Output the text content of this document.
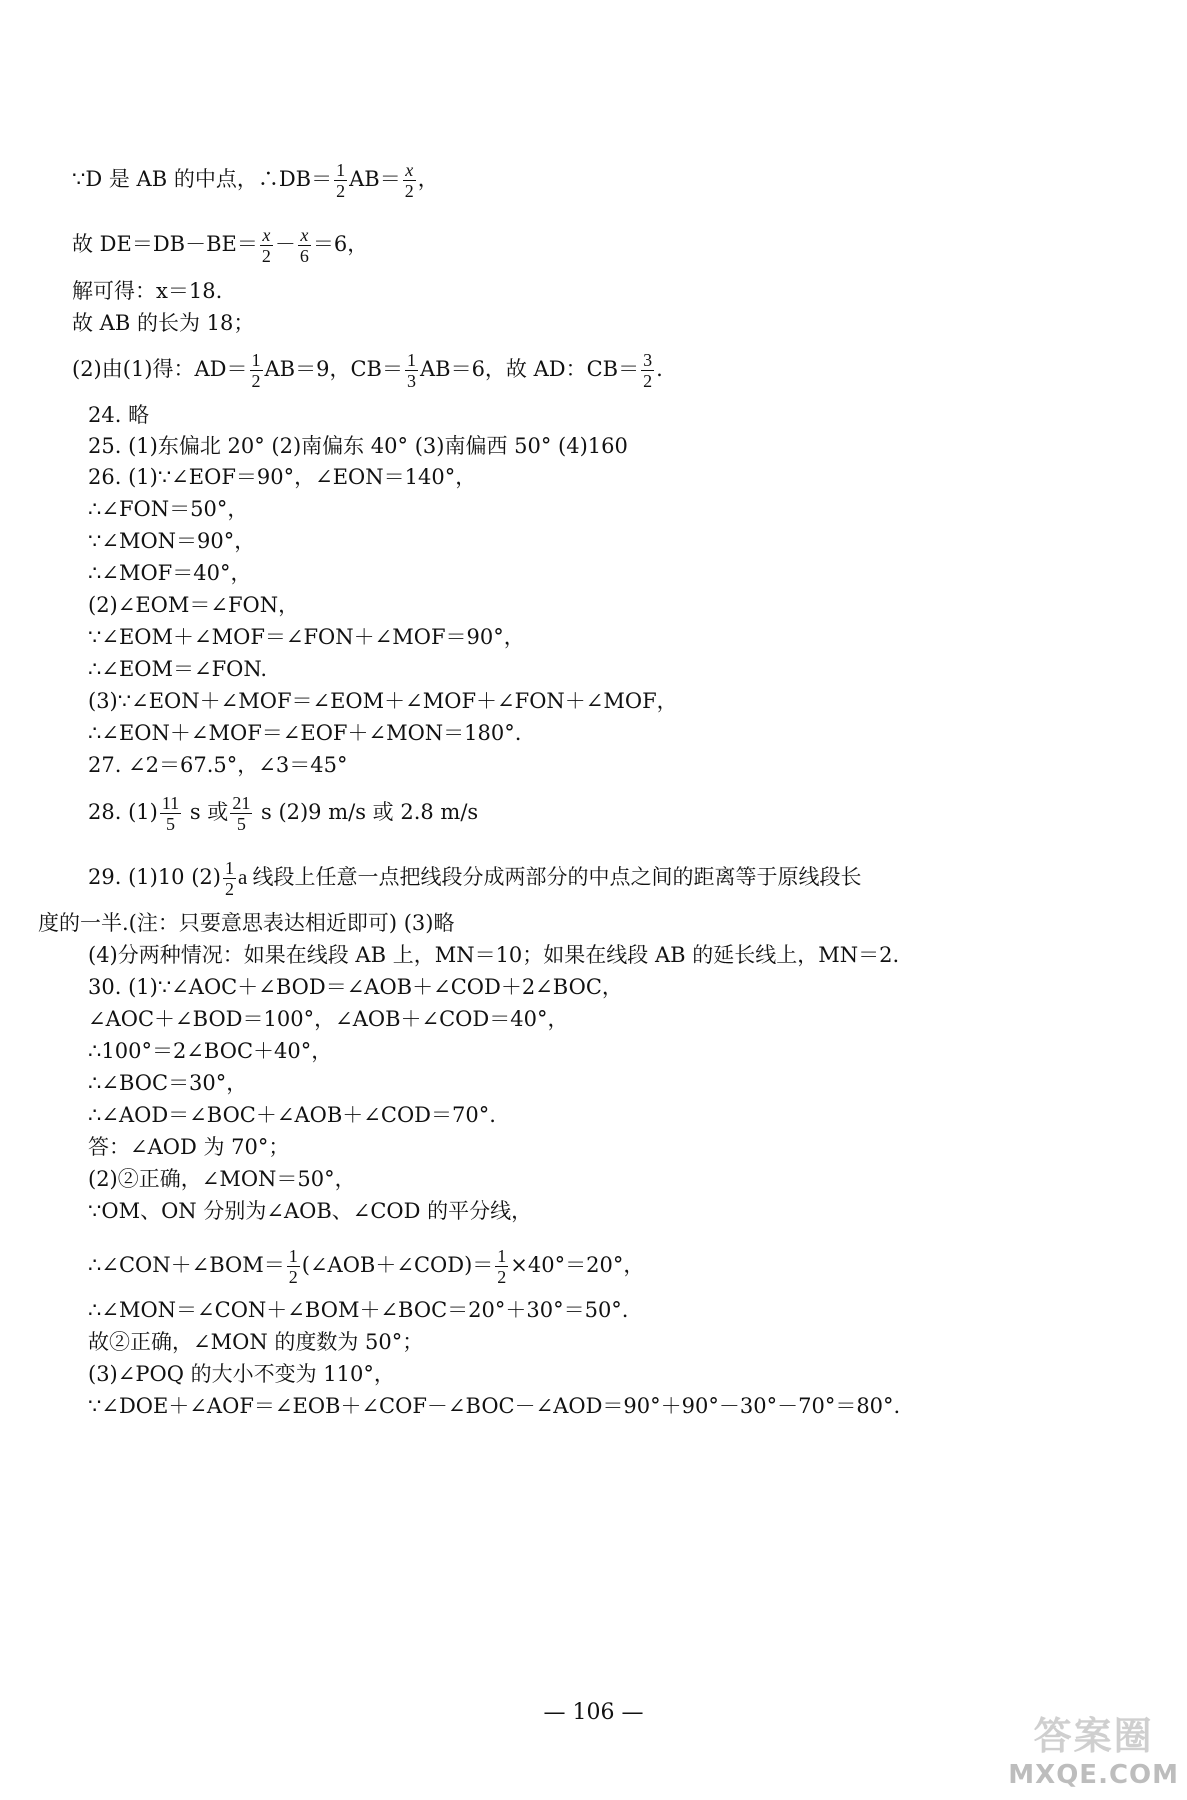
∵D 是 AB 的中点，∴DB＝ $\frac{1}{2} AB= \frac{x}{2}$ ，
故 $DE=DB-BE= \frac{x}{2} - \frac{x}{6} =6$，
解可得：x＝18.
故 AB 的长为 18；
(2)由(1)得：$AD= \frac{1}{2} AB=9$，$CB= \frac{1}{3} AB=6$，故 AD：$CB= \frac{3}{2}$ .
24. 略
25. (1)东偏北 20° (2)南偏东 40° (3)南偏西 50° (4)160
26. (1)∵∠EOF＝90°，∠EON＝140°，
∴∠FON＝50°，
∵∠MON＝90°，
∴∠MOF＝40°，
(2)∠EOM＝∠FON，
∵∠EOM＋∠MOF＝∠FON＋∠MOF＝90°，
∴∠EOM＝∠FON.
(3)∵∠EON＋∠MOF＝∠EOM＋∠MOF＋∠FON＋∠MOF，
∴∠EON＋∠MOF＝∠EOF＋∠MON＝180°.
27. ∠2＝67.5°，∠3＝45°
28. $(1) \frac{11}{5}$ s 或 $\frac{21}{5}$ s (2)9 m/s 或 2.8 m/s
29. (1)10 $(2) \frac{1}{2}$ a 线段上任意一点把线段分成两部分的中点之间的距离等于原线段长
度的一半.(注：只要意思表达相近即可) (3)略
(4)分两种情况：如果在线段 AB 上，MN＝10；如果在线段 AB 的延长线上，MN＝2.
30. (1)∵∠AOC＋∠BOD＝∠AOB＋∠COD＋2∠BOC，
∠AOC＋∠BOD＝100°，∠AOB＋∠COD＝40°，
∴100°＝2∠BOC＋40°，
∴∠BOC＝30°，
∴∠AOD＝∠BOC＋∠AOB＋∠COD＝70°.
答：∠AOD 为 70°；
(2)②正确，∠MON＝50°，
∵OM、ON 分别为∠AOB、∠COD 的平分线，
∴∠CON＋∠BOM＝ $\frac{1}{2}$ (∠AOB＋∠COD)＝ $\frac{1}{2} \times 40^\circ=20^\circ$，
∴∠MON＝∠CON＋∠BOM＋∠BOC＝20°＋30°＝50°.
故②正确，∠MON 的度数为 50°；
(3)∠POQ 的大小不变为 110°，
∵∠DOE＋∠AOF＝∠EOB＋∠COF－∠BOC－∠AOD＝90°＋90°－30°－70°＝80°.
— 106 —
答案圈
MXQE.COM
